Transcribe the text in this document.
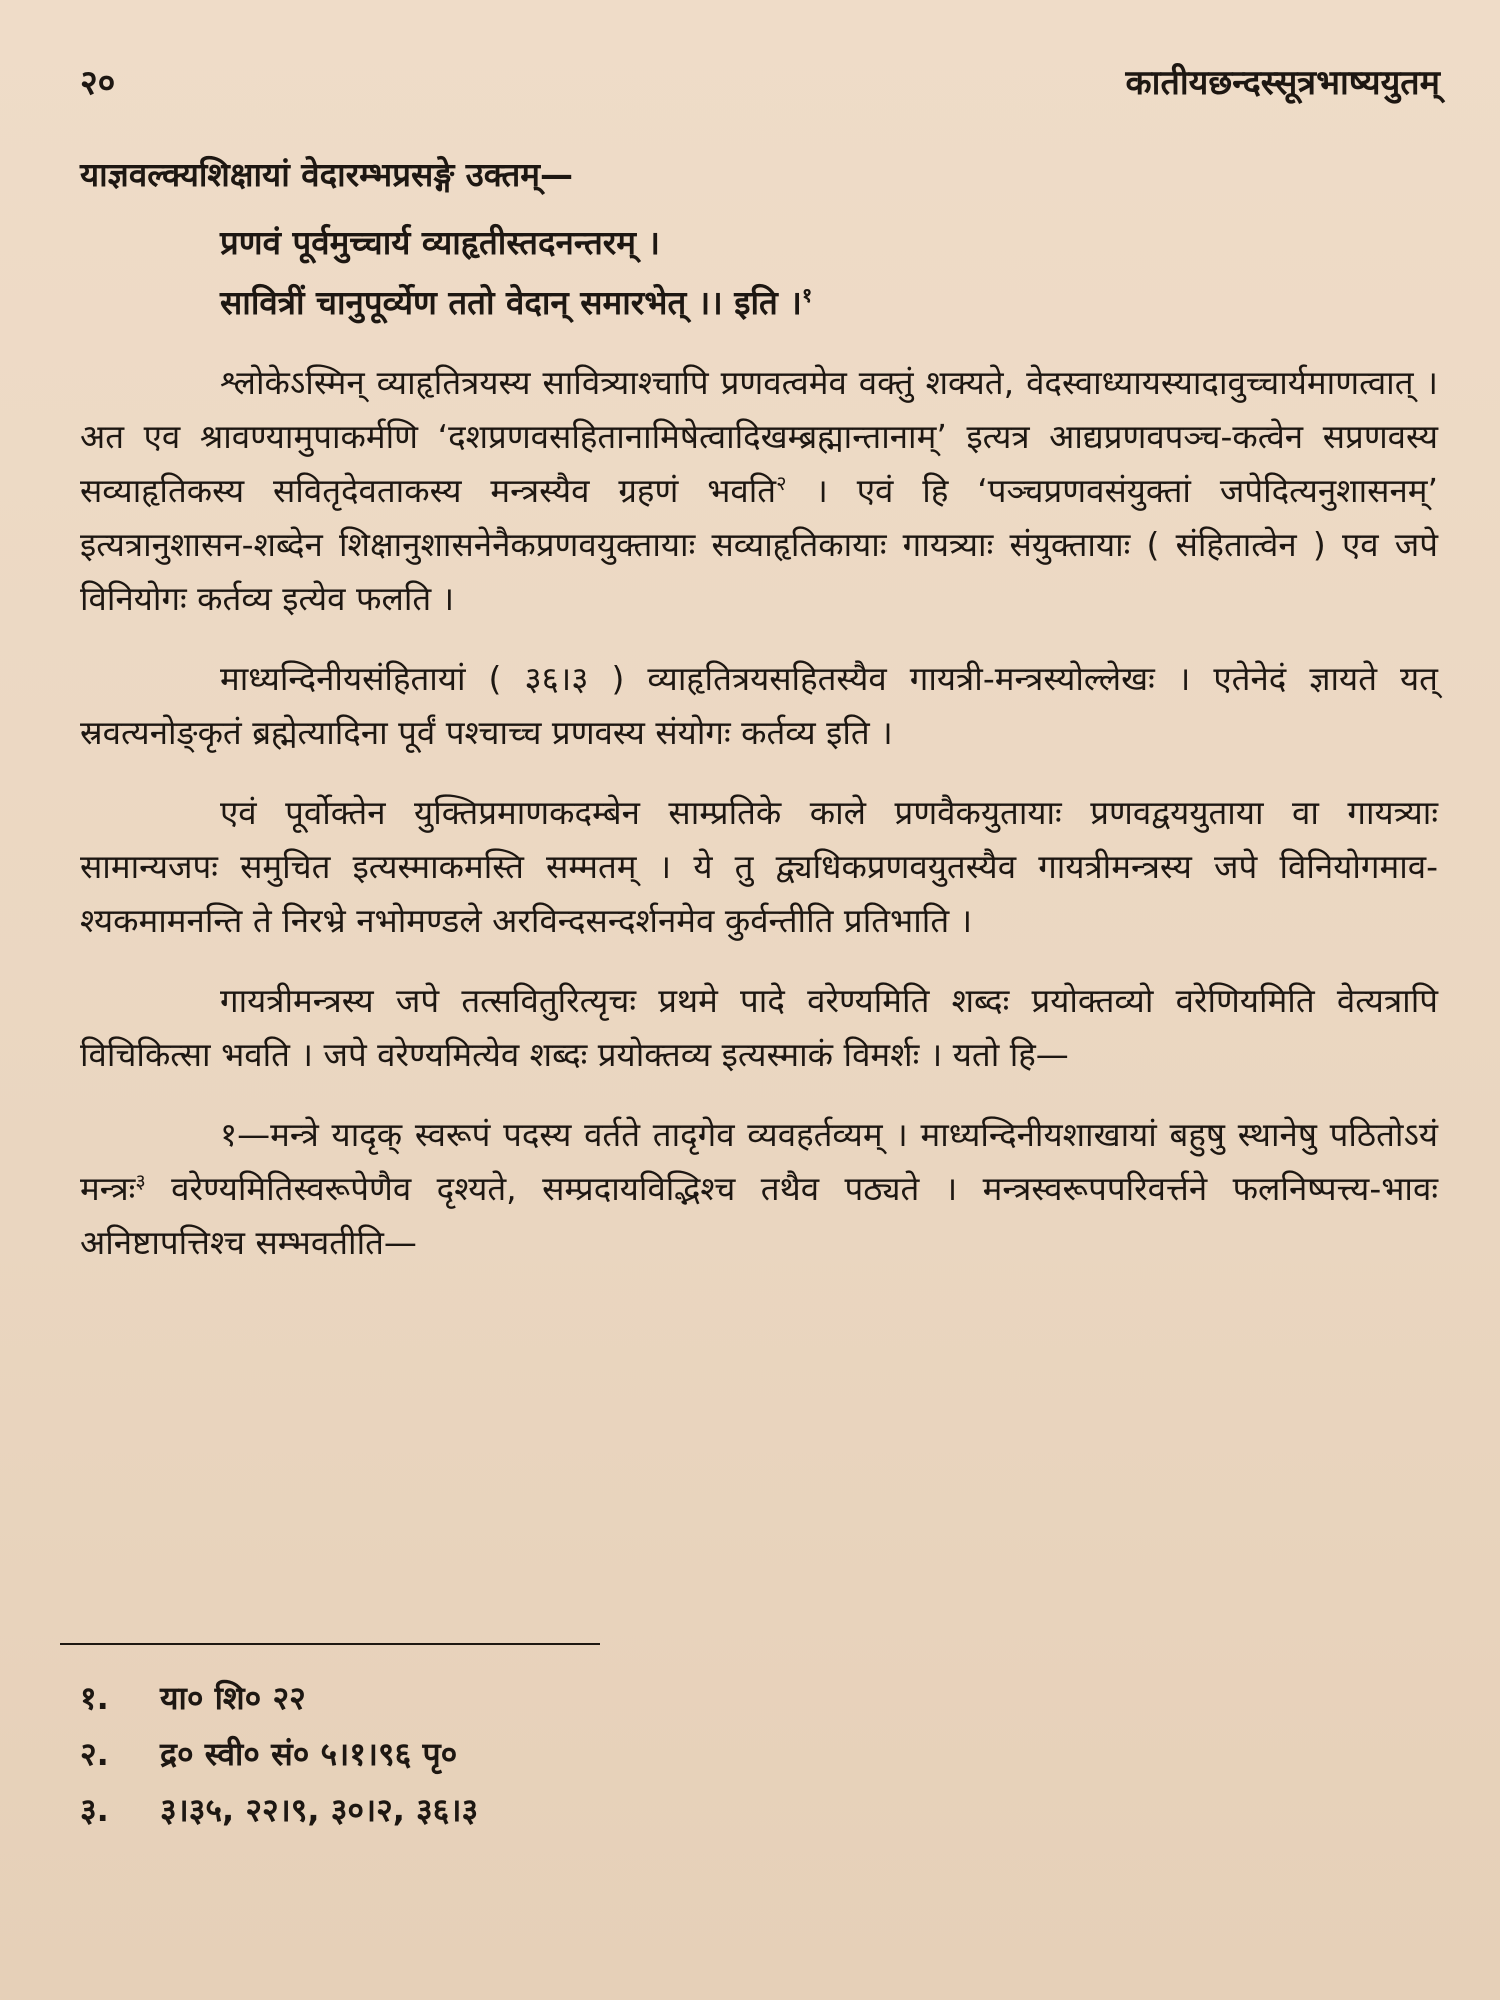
२०	कातीयछन्दस्सूत्रभाष्ययुतम्

याज्ञवल्क्यशिक्षायां वेदारम्भप्रसङ्गे उक्तम्—

प्रणवं पूर्वमुच्चार्य व्याहृतीस्तदनन्तरम् ।

सावित्रीं चानुपूर्व्येण ततो वेदान् समारभेत् ।। इति ।$^१$

श्लोकेऽस्मिन् व्याहृतित्रयस्य सावित्र्याश्चापि प्रणवत्वमेव वक्तुं शक्यते, वेदस्वाध्यायस्यादावुच्चार्यमाणत्वात् । अत एव श्रावण्यामुपाकर्मणि ‘दशप्रणवसहितानामिषेत्वादिखम्ब्रह्मान्तानाम्’ इत्यत्र आद्यप्रणवपञ्च-कत्वेन सप्रणवस्य सव्याहृतिकस्य सवितृदेवताकस्य मन्त्रस्यैव ग्रहणं भवति$^२$ । एवं हि ‘पञ्चप्रणवसंयुक्तां जपेदित्यनुशासनम्’ इत्यत्रानुशासन-शब्देन शिक्षानुशासनेनैकप्रणवयुक्तायाः सव्याहृतिकायाः गायत्र्याः संयुक्तायाः ( संहितात्वेन ) एव जपे विनियोगः कर्तव्य इत्येव फलति ।

माध्यन्दिनीयसंहितायां ( ३६।३ ) व्याहृतित्रयसहितस्यैव गायत्री-मन्त्रस्योल्लेखः । एतेनेदं ज्ञायते यत् स्रवत्यनोङ्कृतं ब्रह्मेत्यादिना पूर्वं पश्चाच्च प्रणवस्य संयोगः कर्तव्य इति ।

एवं पूर्वोक्तेन युक्तिप्रमाणकदम्बेन साम्प्रतिके काले प्रणवैकयुतायाः प्रणवद्वययुताया वा गायत्र्याः सामान्यजपः समुचित इत्यस्माकमस्ति सम्मतम् । ये तु द्व्यधिकप्रणवयुतस्यैव गायत्रीमन्त्रस्य जपे विनियोगमाव-श्यकमामनन्ति ते निरभ्रे नभोमण्डले अरविन्दसन्दर्शनमेव कुर्वन्तीति प्रतिभाति ।

गायत्रीमन्त्रस्य जपे तत्सवितुरित्यृचः प्रथमे पादे वरेण्यमिति शब्दः प्रयोक्तव्यो वरेणियमिति वेत्यत्रापि विचिकित्सा भवति । जपे वरेण्यमित्येव शब्दः प्रयोक्तव्य इत्यस्माकं विमर्शः । यतो हि—

१—मन्त्रे यादृक् स्वरूपं पदस्य वर्तते तादृगेव व्यवहर्तव्यम् । माध्यन्दिनीयशाखायां बहुषु स्थानेषु पठितोऽयं मन्त्रः$^३$ वरेण्यमितिस्वरूपेणैव दृश्यते, सम्प्रदायविद्भिश्च तथैव पठ्यते । मन्त्रस्वरूपपरिवर्त्तने फलनिष्पत्त्य-भावः अनिष्टापत्तिश्च सम्भवतीति—

१.	या० शि० २२
२.	द्र० स्वी० सं० ५।१।९६ पृ०
३.	३।३५, २२।९, ३०।२, ३६।३
